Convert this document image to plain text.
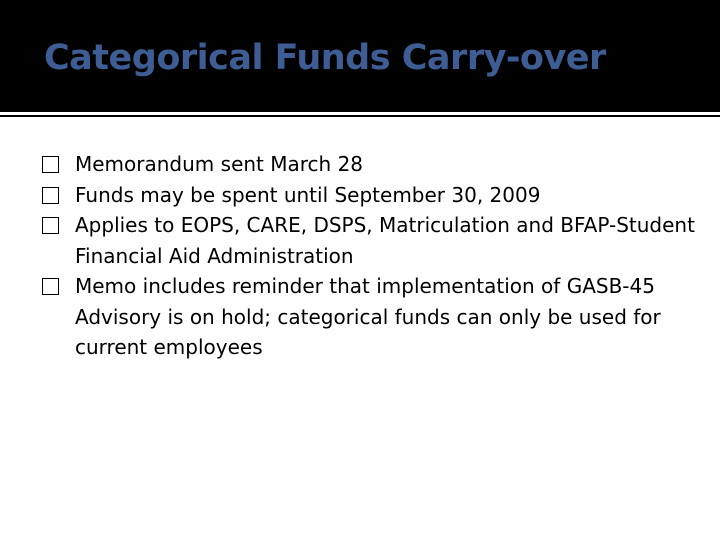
Categorical Funds Carry-over
Memorandum sent March 28
Funds may be spent until September 30, 2009
Applies to EOPS, CARE, DSPS, Matriculation and BFAP-Student Financial Aid Administration
Memo includes reminder that implementation of GASB-45 Advisory is on hold; categorical funds can only be used for current employees
